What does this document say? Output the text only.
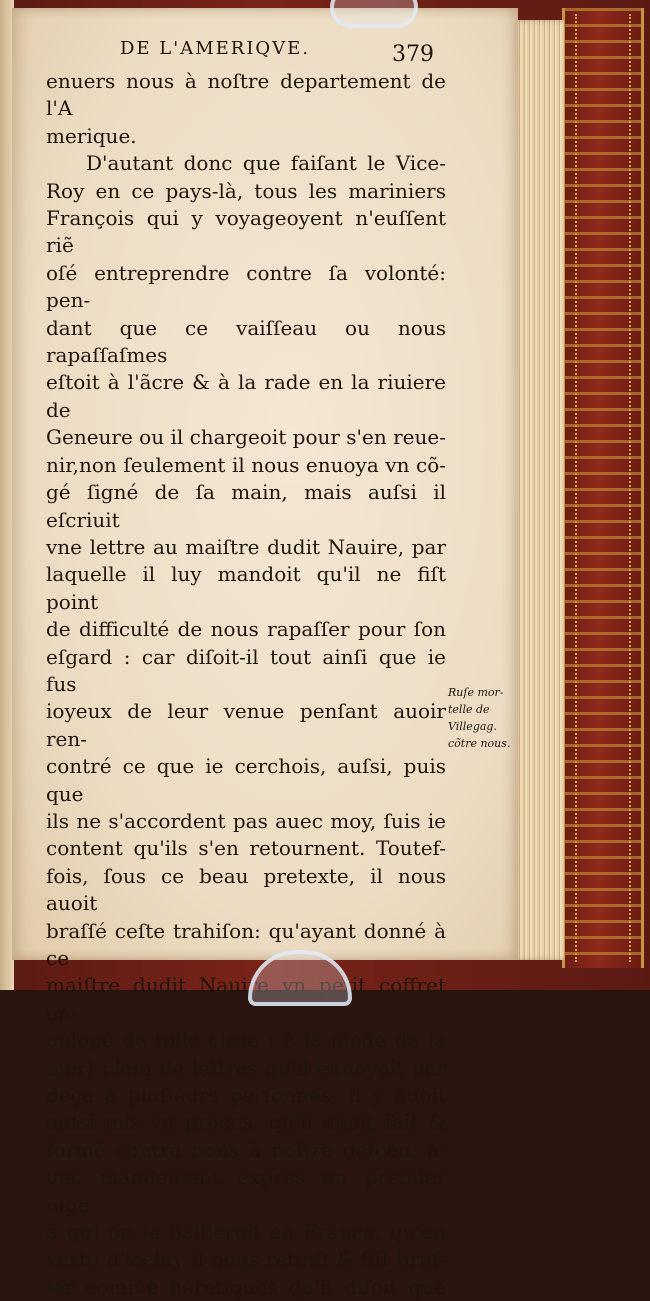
DE L'AMERIQVE.	379
enuers nous à noſtre departement de l'A
merique.
D'autant donc que faiſant le Vice-
Roy en ce pays-là, tous les mariniers
François qui y voyageoyent n'euſſent riẽ
oſé entreprendre contre ſa volonté: pen-
dant que ce vaiſſeau ou nous rapaſſaſmes
eſtoit à l'ãcre & à la rade en la riuiere de
Geneure ou il chargeoit pour s'en reue-
nir,non ſeulement il nous enuoya vn cõ-
gé ſigné de ſa main, mais auſsi il eſcriuit
vne lettre au maiſtre dudit Nauire, par
laquelle il luy mandoit qu'il ne fiſt point
de difficulté de nous rapaſſer pour ſon
eſgard : car diſoit-il tout ainſi que ie fus
ioyeux de leur venue penſant auoir ren-
contré ce que ie cerchois, auſsi, puis que
ils ne s'accordent pas auec moy, ſuis ie
content qu'ils s'en retournent. Toutef-
fois, ſous ce beau pretexte, il nous auoit
braſſé ceſte trahiſon: qu'ayant donné à ce
maiſtre dudit Nauire vn petit coffret en-
uelopé de toile ciree ( à la mode de la
mer) plein de lettres qu'il enuoyoit par
deça à pluſieurs perſonnes, il y auoit
auſsi mis vn proces, qu'il auoit fait &
formé contre nous à noſtre deſceu, a-
uec mandement expres au premier iuge
à qui on le bailleroit en France, qu'en
vertu d'iceluy il nous retinſt & fiſt bruſ-
ler comme heretiques qu'il diſoit que
Ruſe mor-
telle de
Villegag.
cõtre nous.
